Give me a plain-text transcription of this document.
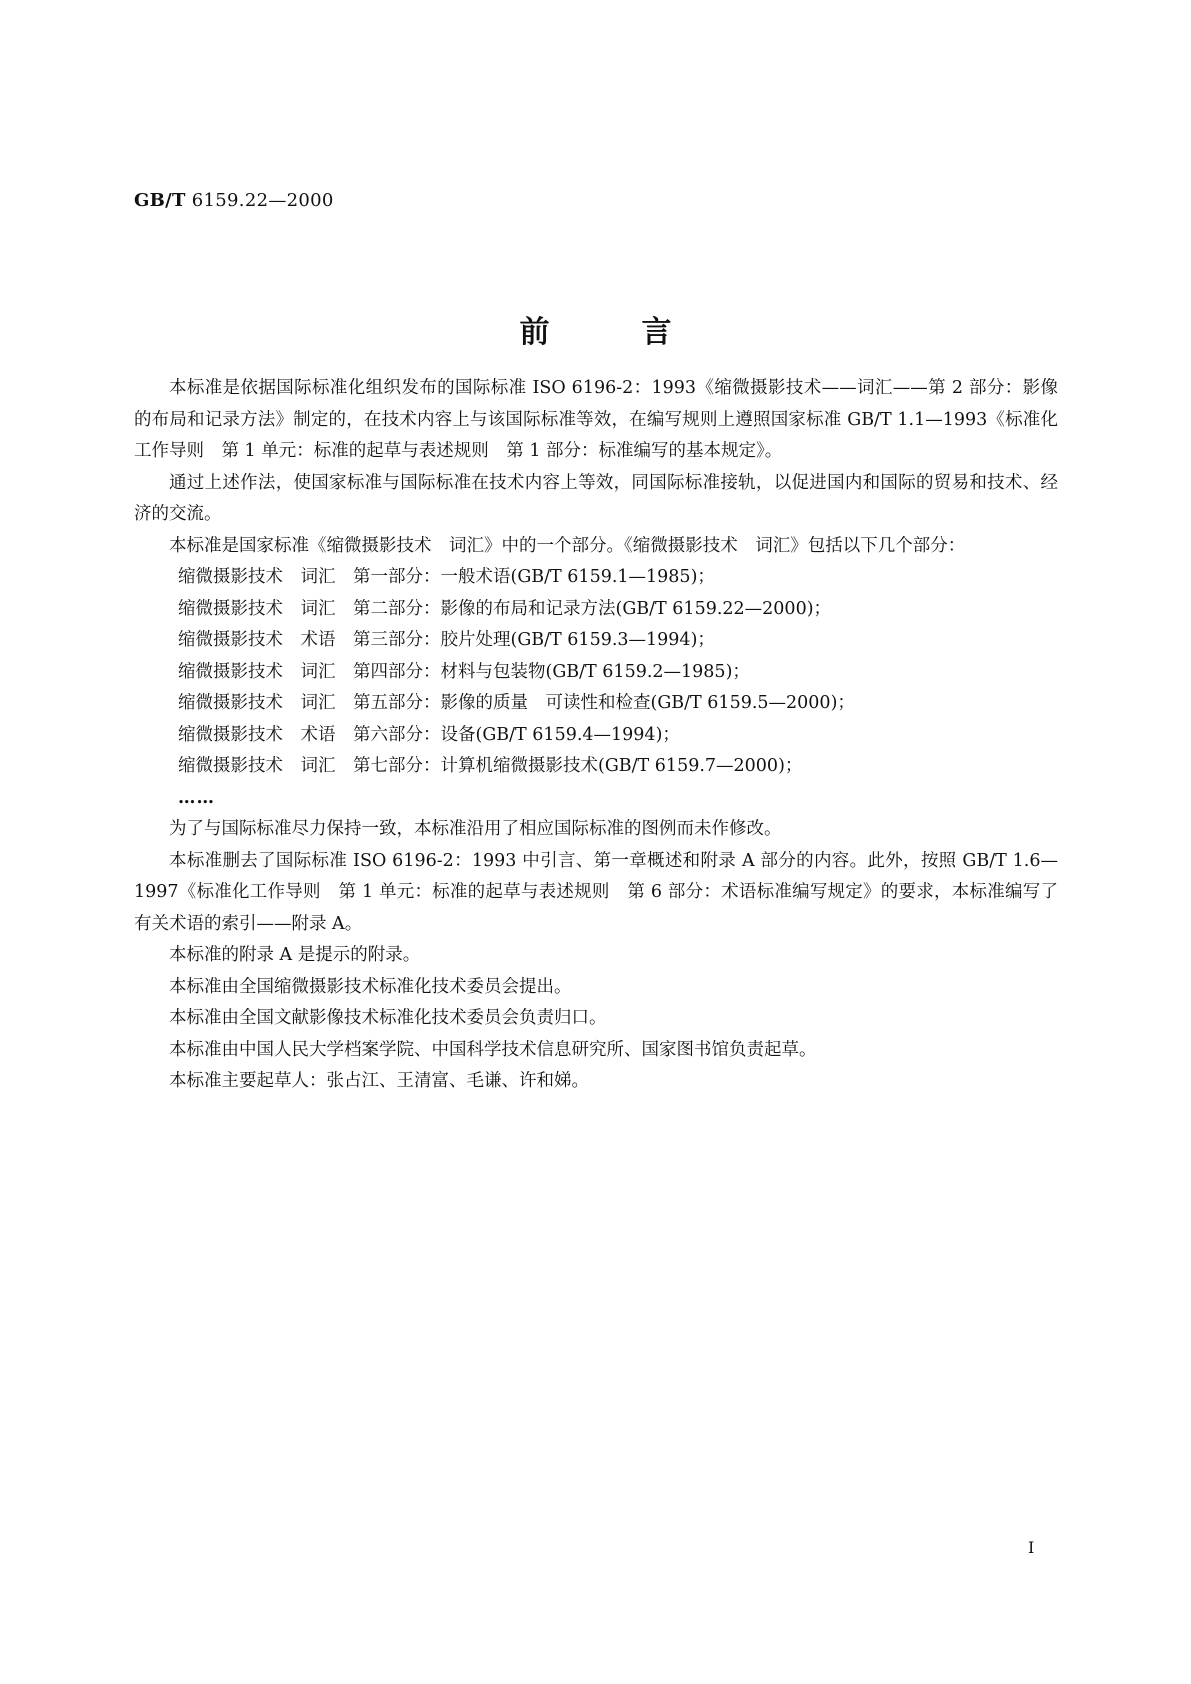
GB/T 6159.22—2000
前言

本标准是依据国际标准化组织发布的国际标准 ISO 6196-2：1993《缩微摄影技术——词汇——第 2 部分：影像的布局和记录方法》制定的，在技术内容上与该国际标准等效，在编写规则上遵照国家标准 GB/T 1.1—1993《标准化工作导则　第 1 单元：标准的起草与表述规则　第 1 部分：标准编写的基本规定》。

通过上述作法，使国家标准与国际标准在技术内容上等效，同国际标准接轨，以促进国内和国际的贸易和技术、经济的交流。

本标准是国家标准《缩微摄影技术　词汇》中的一个部分。《缩微摄影技术　词汇》包括以下几个部分：

缩微摄影技术　词汇　第一部分：一般术语(GB/T 6159.1—1985)；

缩微摄影技术　词汇　第二部分：影像的布局和记录方法(GB/T 6159.22—2000)；

缩微摄影技术　术语　第三部分：胶片处理(GB/T 6159.3—1994)；

缩微摄影技术　词汇　第四部分：材料与包装物(GB/T 6159.2—1985)；

缩微摄影技术　词汇　第五部分：影像的质量　可读性和检查(GB/T 6159.5—2000)；

缩微摄影技术　术语　第六部分：设备(GB/T 6159.4—1994)；

缩微摄影技术　词汇　第七部分：计算机缩微摄影技术(GB/T 6159.7—2000)；

……

为了与国际标准尽力保持一致，本标准沿用了相应国际标准的图例而未作修改。

本标准删去了国际标准 ISO 6196-2：1993 中引言、第一章概述和附录 A 部分的内容。此外，按照 GB/T 1.6—1997《标准化工作导则　第 1 单元：标准的起草与表述规则　第 6 部分：术语标准编写规定》的要求，本标准编写了有关术语的索引——附录 A。

本标准的附录 A 是提示的附录。

本标准由全国缩微摄影技术标准化技术委员会提出。

本标准由全国文献影像技术标准化技术委员会负责归口。

本标准由中国人民大学档案学院、中国科学技术信息研究所、国家图书馆负责起草。

本标准主要起草人：张占江、王清富、毛谦、许和娣。

I
